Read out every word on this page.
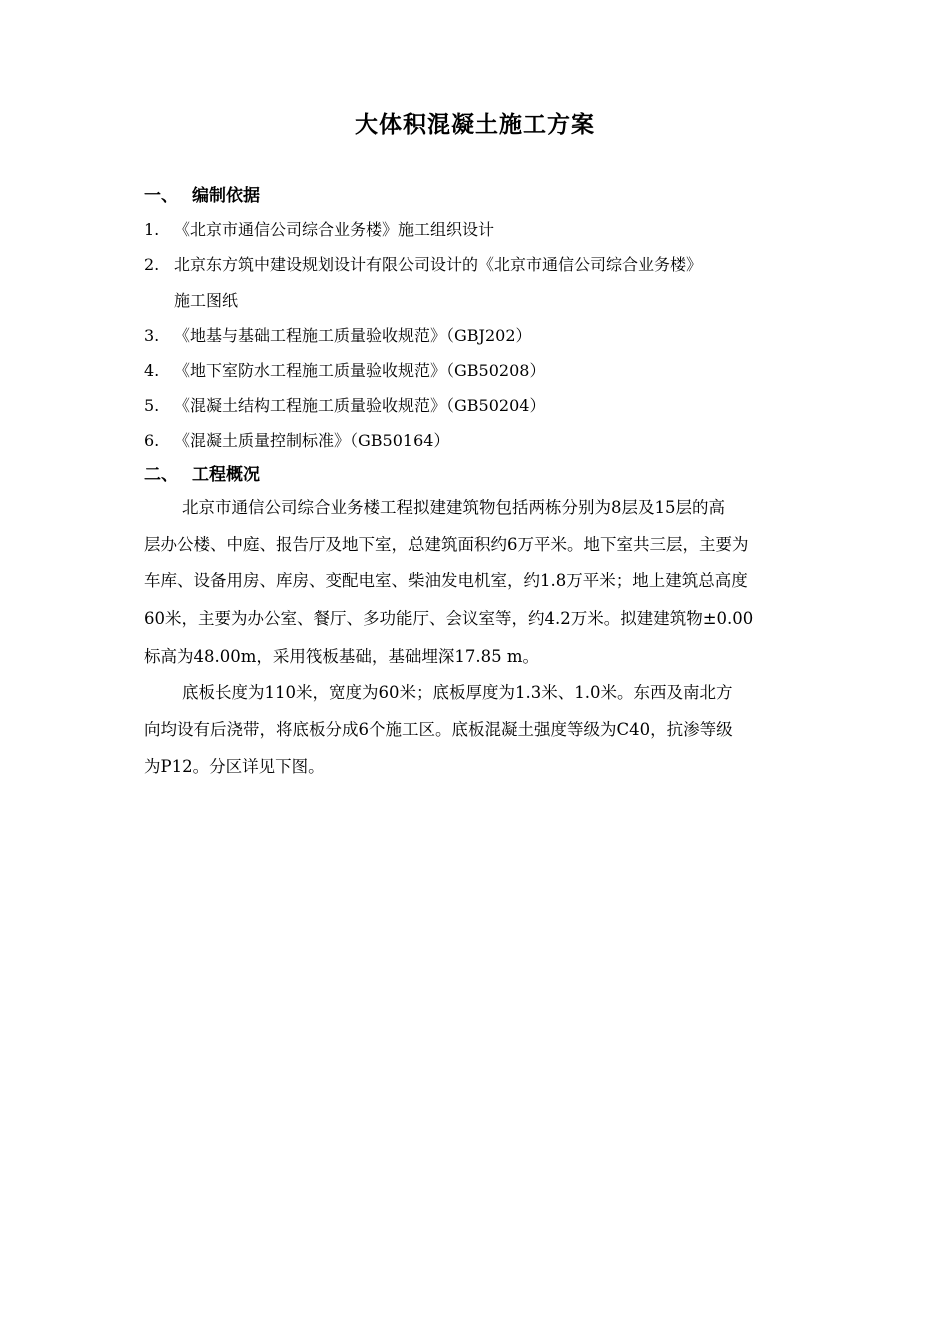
大体积混凝土施工方案
一、 编制依据
1. 《北京市通信公司综合业务楼》施工组织设计
2. 北京东方筑中建设规划设计有限公司设计的《北京市通信公司综合业务楼》
施工图纸
3. 《地基与基础工程施工质量验收规范》（GBJ202）
4. 《地下室防水工程施工质量验收规范》（GB50208）
5. 《混凝土结构工程施工质量验收规范》（GB50204）
6. 《混凝土质量控制标准》（GB50164）
二、 工程概况
北京市通信公司综合业务楼工程拟建建筑物包括两栋分别为8层及15层的高
层办公楼、中庭、报告厅及地下室，总建筑面积约6万平米。地下室共三层，主要为
车库、设备用房、库房、变配电室、柴油发电机室，约1.8万平米；地上建筑总高度
60米，主要为办公室、餐厅、多功能厅、会议室等，约4.2万米。拟建建筑物±0.00
标高为48.00m，采用筏板基础，基础埋深17.85 m。
底板长度为110米，宽度为60米；底板厚度为1.3米、1.0米。东西及南北方
向均设有后浇带，将底板分成6个施工区。底板混凝土强度等级为C40，抗渗等级
为P12。分区详见下图。
